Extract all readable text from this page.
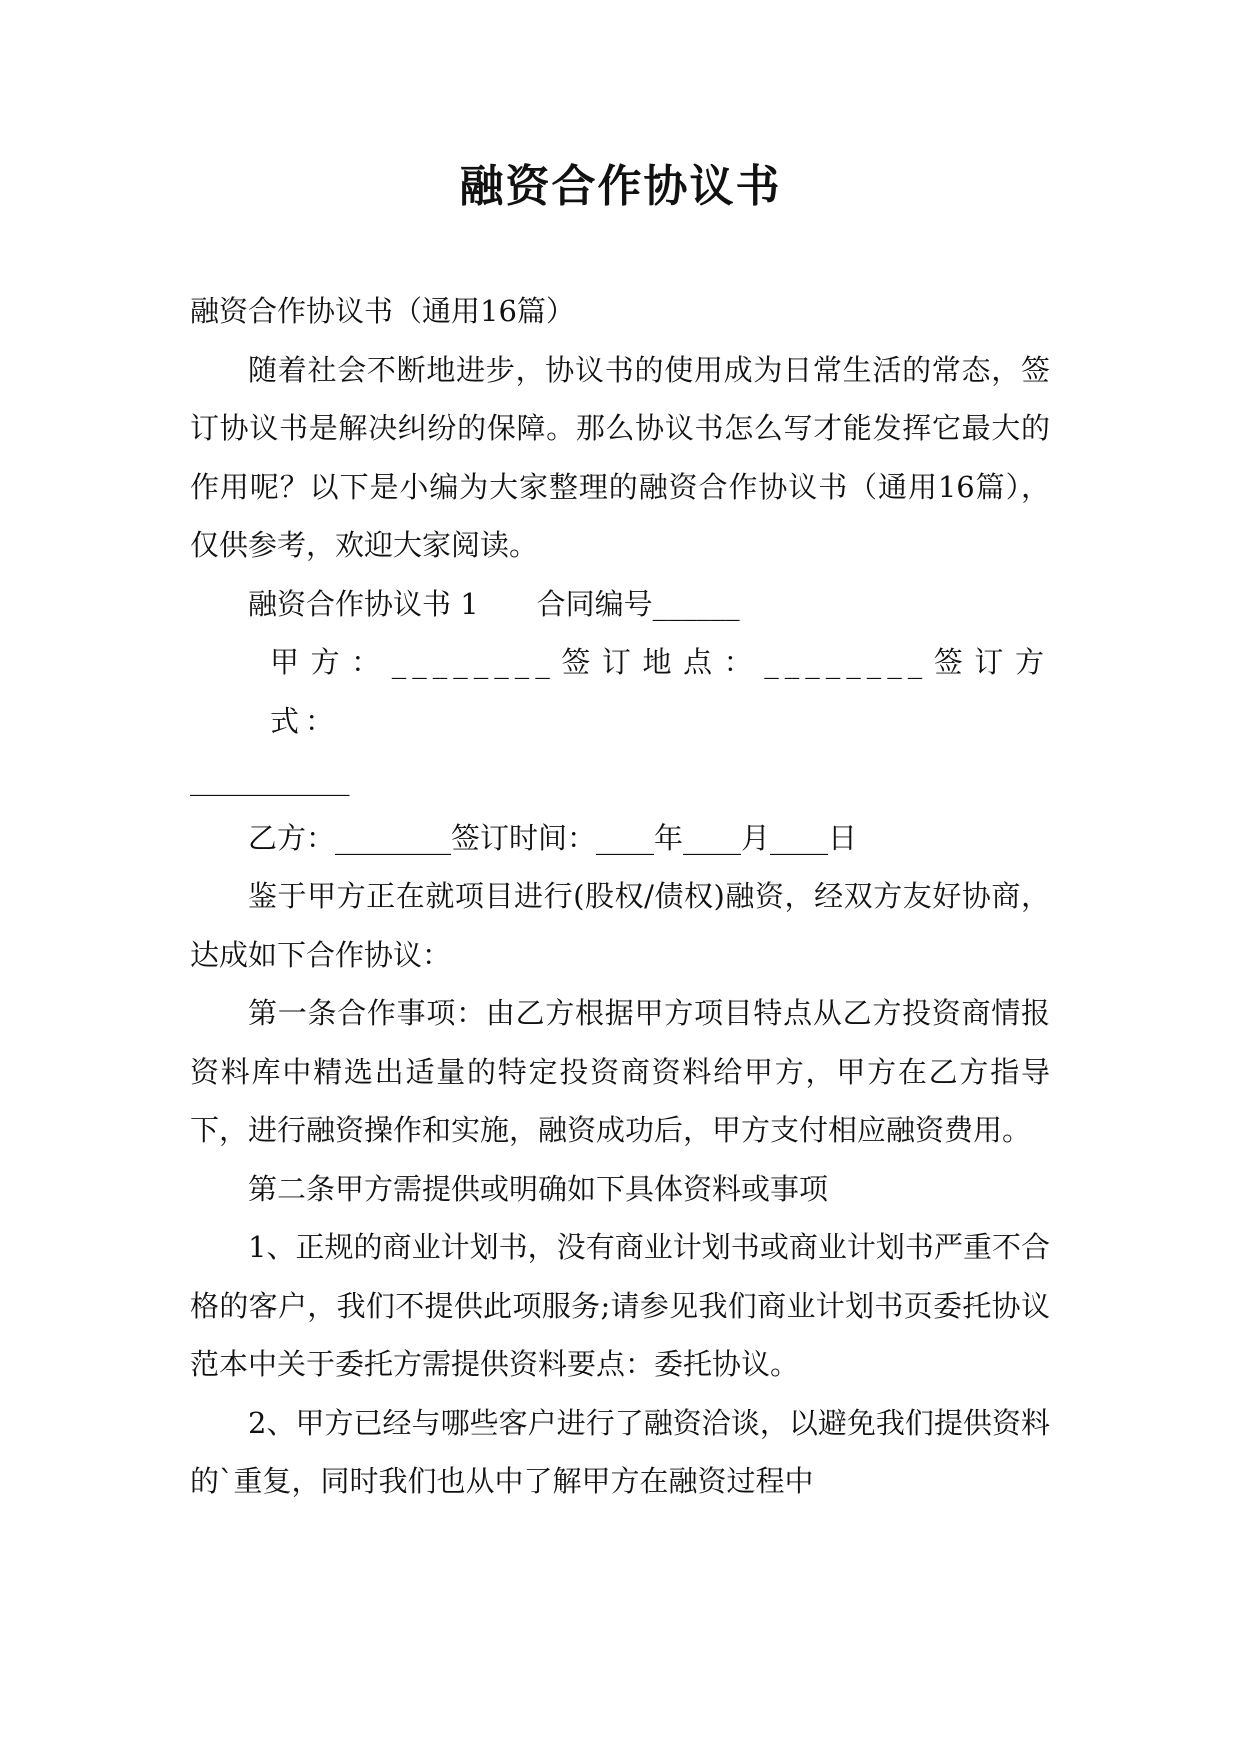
融资合作协议书

融资合作协议书（通用16篇）

随着社会不断地进步，协议书的使用成为日常生活的常态，签订协议书是解决纠纷的保障。那么协议书怎么写才能发挥它最大的作用呢？以下是小编为大家整理的融资合作协议书（通用16篇），仅供参考，欢迎大家阅读。

融资合作协议书 1　　合同编号______

甲方：________签订地点：________签订方式：

___________

乙方：________签订时间：____年____月____日

鉴于甲方正在就项目进行(股权/债权)融资，经双方友好协商，达成如下合作协议：

第一条合作事项：由乙方根据甲方项目特点从乙方投资商情报资料库中精选出适量的特定投资商资料给甲方，甲方在乙方指导下，进行融资操作和实施，融资成功后，甲方支付相应融资费用。

第二条甲方需提供或明确如下具体资料或事项

1、正规的商业计划书，没有商业计划书或商业计划书严重不合格的客户，我们不提供此项服务;请参见我们商业计划书页委托协议范本中关于委托方需提供资料要点：委托协议。

2、甲方已经与哪些客户进行了融资洽谈，以避免我们提供资料的`重复，同时我们也从中了解甲方在融资过程中
